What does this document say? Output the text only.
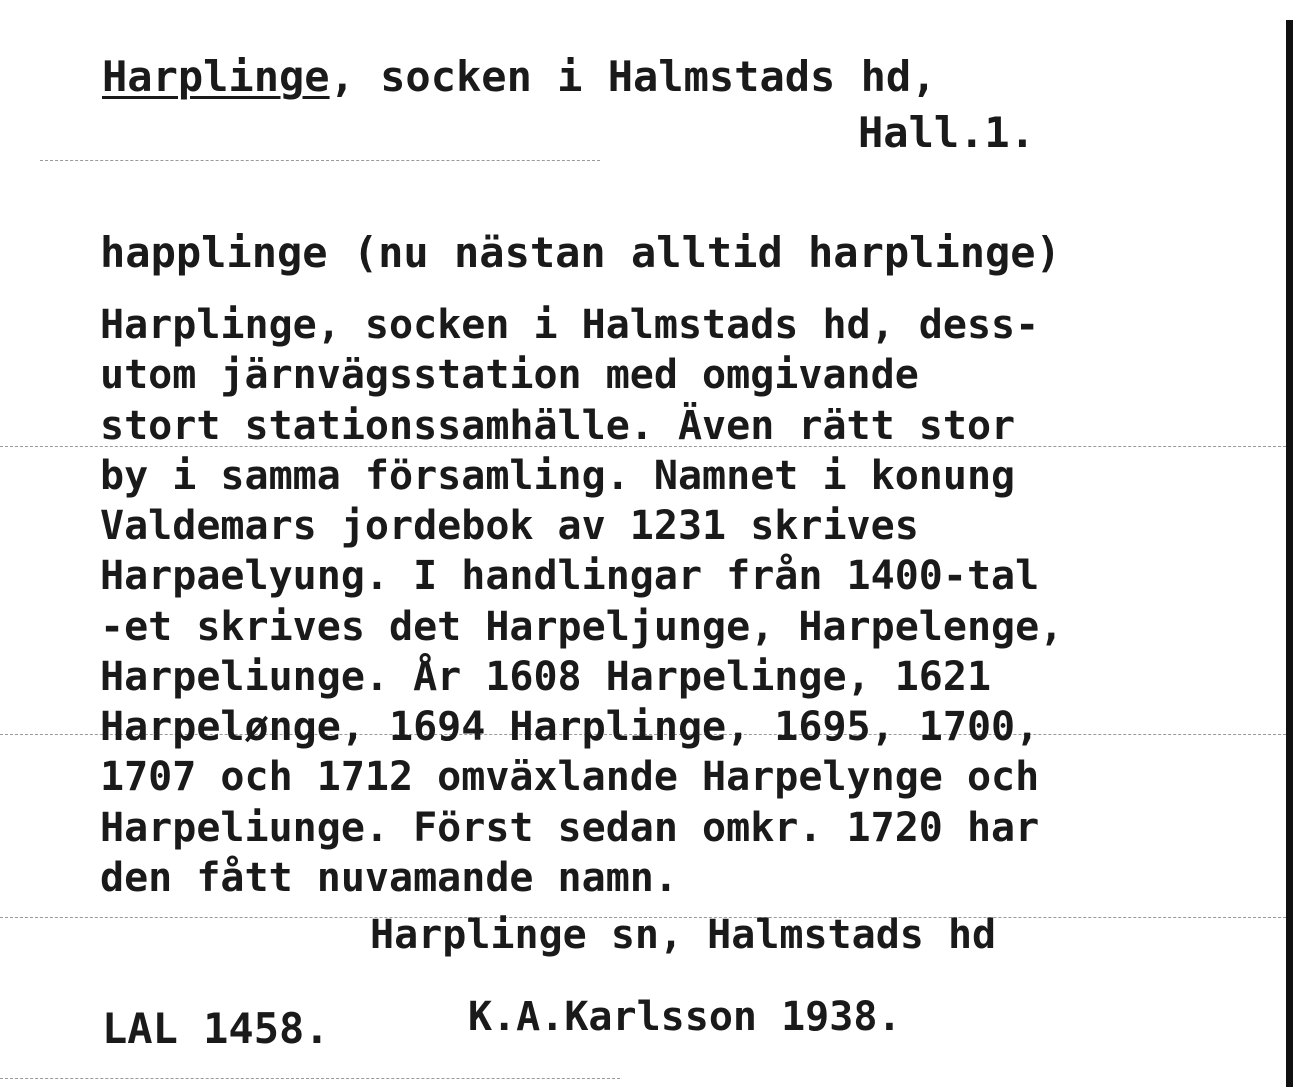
Harplinge, socken i Halmstads hd,
Hall.1.
happlinge (nu nästan alltid harplinge)
Harplinge, socken i Halmstads hd, dess-
utom järnvägsstation med omgivande
stort stationssamhälle. Även rätt stor
by i samma församling. Namnet i konung
Valdemars jordebok av 1231 skrives
Harpaelyung. I handlingar från 1400-tal
-et skrives det Harpeljunge, Harpelenge,
Harpeliunge. År 1608 Harpelinge, 1621
Harpelønge, 1694 Harplinge, 1695, 1700,
1707 och 1712 omväxlande Harpelynge och
Harpeliunge. Först sedan omkr. 1720 har
den fått nuvamande namn.
Harplinge sn, Halmstads hd
LAL 1458.	K.A.Karlsson 1938.
